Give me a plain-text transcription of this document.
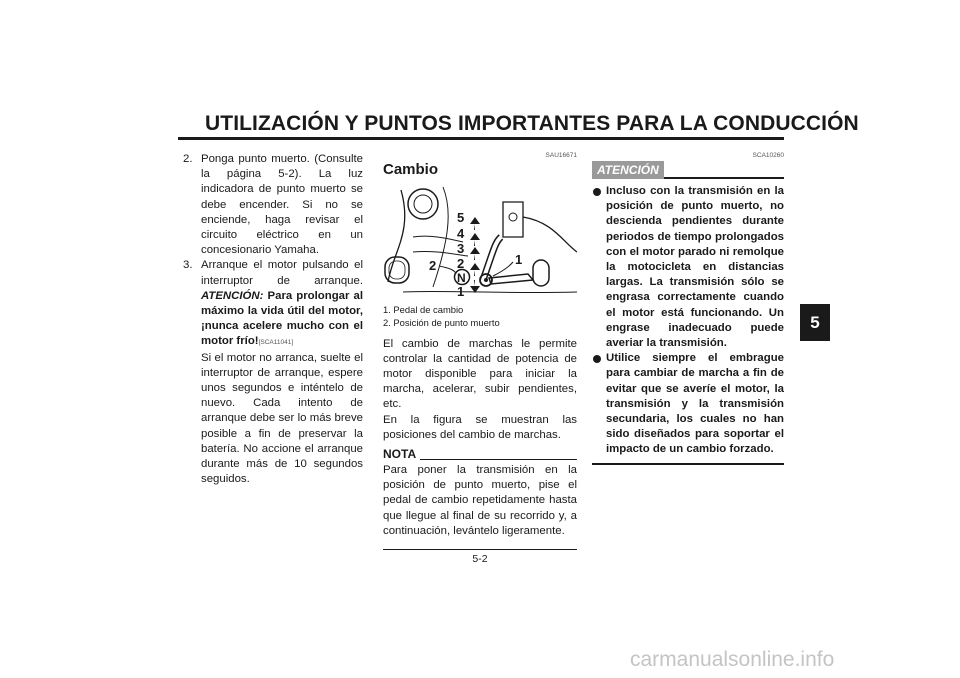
UTILIZACIÓN Y PUNTOS IMPORTANTES PARA LA CONDUCCIÓN
5
2. Ponga punto muerto. (Consulte la página 5-2). La luz indicadora de punto muerto se debe encender. Si no se enciende, haga revisar el circuito eléctrico en un concesionario Yamaha.

3. Arranque el motor pulsando el interruptor de arranque. ATENCIÓN: Para prolongar al máximo la vida útil del motor, ¡nunca acelere mucho con el motor frío![SCA11041]

Si el motor no arranca, suelte el interruptor de arranque, espere unos segundos e inténtelo de nuevo. Cada intento de arranque debe ser lo más breve posible a fin de preservar la batería. No accione el arranque durante más de 10 segundos seguidos.

SAU16671
Cambio
5
4
3
2
N
1
2	1
1. Pedal de cambio
2. Posición de punto muerto

El cambio de marchas le permite controlar la cantidad de potencia de motor disponible para iniciar la marcha, acelerar, subir pendientes, etc.

En la figura se muestran las posiciones del cambio de marchas.

NOTA

Para poner la transmisión en la posición de punto muerto, pise el pedal de cambio repetidamente hasta que llegue al final de su recorrido y, a continuación, levántelo ligeramente.

SCA10260
ATENCIÓN

Incluso con la transmisión en la posición de punto muerto, no descienda pendientes durante periodos de tiempo prolongados con el motor parado ni remolque la motocicleta en distancias largas. La transmisión sólo se engrasa correctamente cuando el motor está funcionando. Un engrase inadecuado puede averiar la transmisión.

Utilice siempre el embrague para cambiar de marcha a fin de evitar que se averíe el motor, la transmisión y la transmisión secundaria, los cuales no han sido diseñados para soportar el impacto de un cambio forzado.

5-2
carmanualsonline.info
